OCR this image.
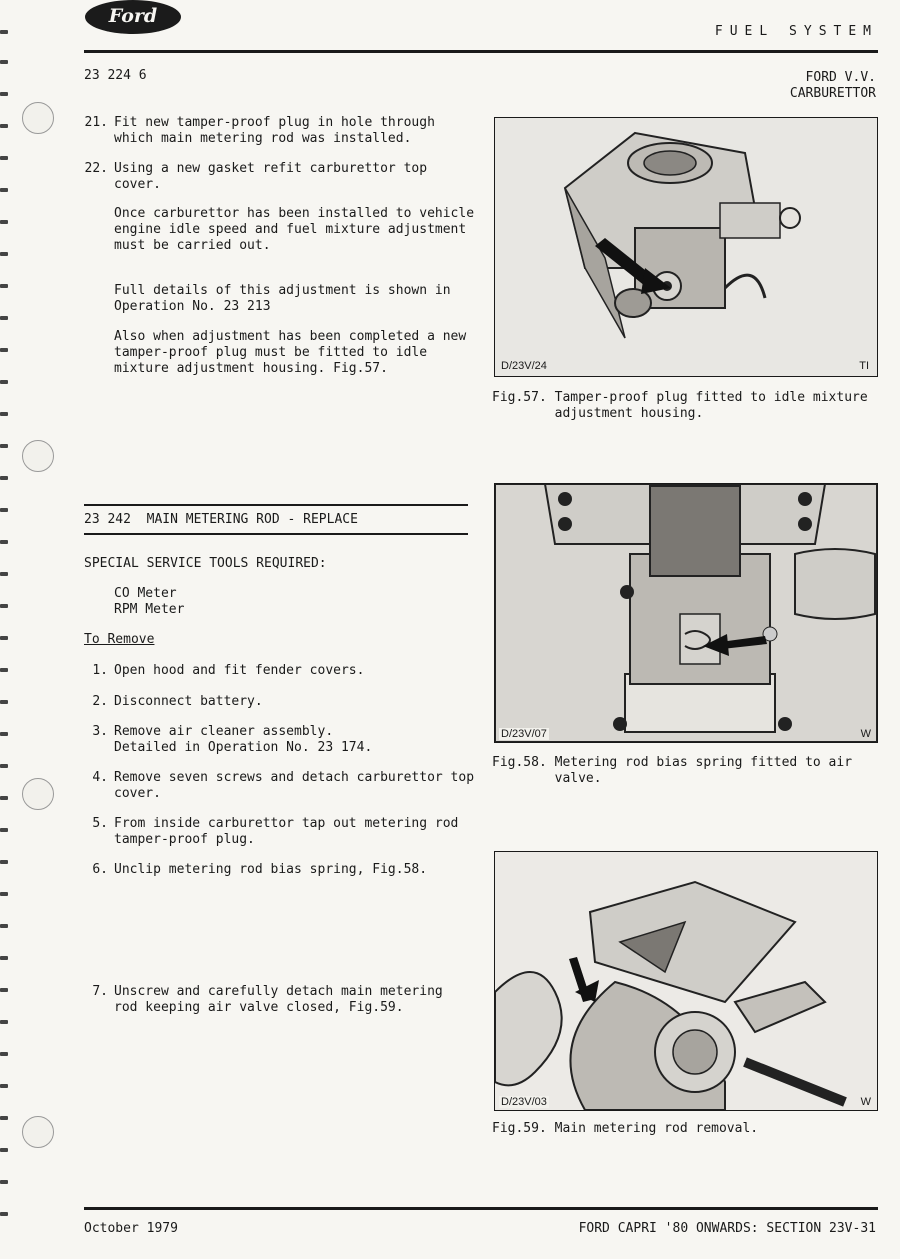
Ford
FUEL SYSTEM
23 224 6	FORD V.V.
CARBURETTOR
21. Fit new tamper-proof plug in hole through
which main metering rod was installed.
22. Using a new gasket refit carburettor top
cover.
Once carburettor has been installed to vehicle
engine idle speed and fuel mixture adjustment
must be carried out.
Full details of this adjustment is shown in
Operation No. 23 213
Also when adjustment has been completed a new
tamper-proof plug must be fitted to idle
mixture adjustment housing. Fig.57.
23 242  MAIN METERING ROD - REPLACE
SPECIAL SERVICE TOOLS REQUIRED:
CO Meter
RPM Meter
To Remove
1. Open hood and fit fender covers.
2. Disconnect battery.
3. Remove air cleaner assembly.
Detailed in Operation No. 23 174.
4. Remove seven screws and detach carburettor top
cover.
5. From inside carburettor tap out metering rod
tamper-proof plug.
6. Unclip metering rod bias spring, Fig.58.
7. Unscrew and carefully detach main metering
rod keeping air valve closed, Fig.59.
D/23V/24	TI
Fig.57. Tamper-proof plug fitted to idle mixture
adjustment housing.
D/23V/07	W
Fig.58. Metering rod bias spring fitted to air
valve.
D/23V/03	W
Fig.59. Main metering rod removal.
October 1979	FORD CAPRI '80 ONWARDS: SECTION 23V-31
